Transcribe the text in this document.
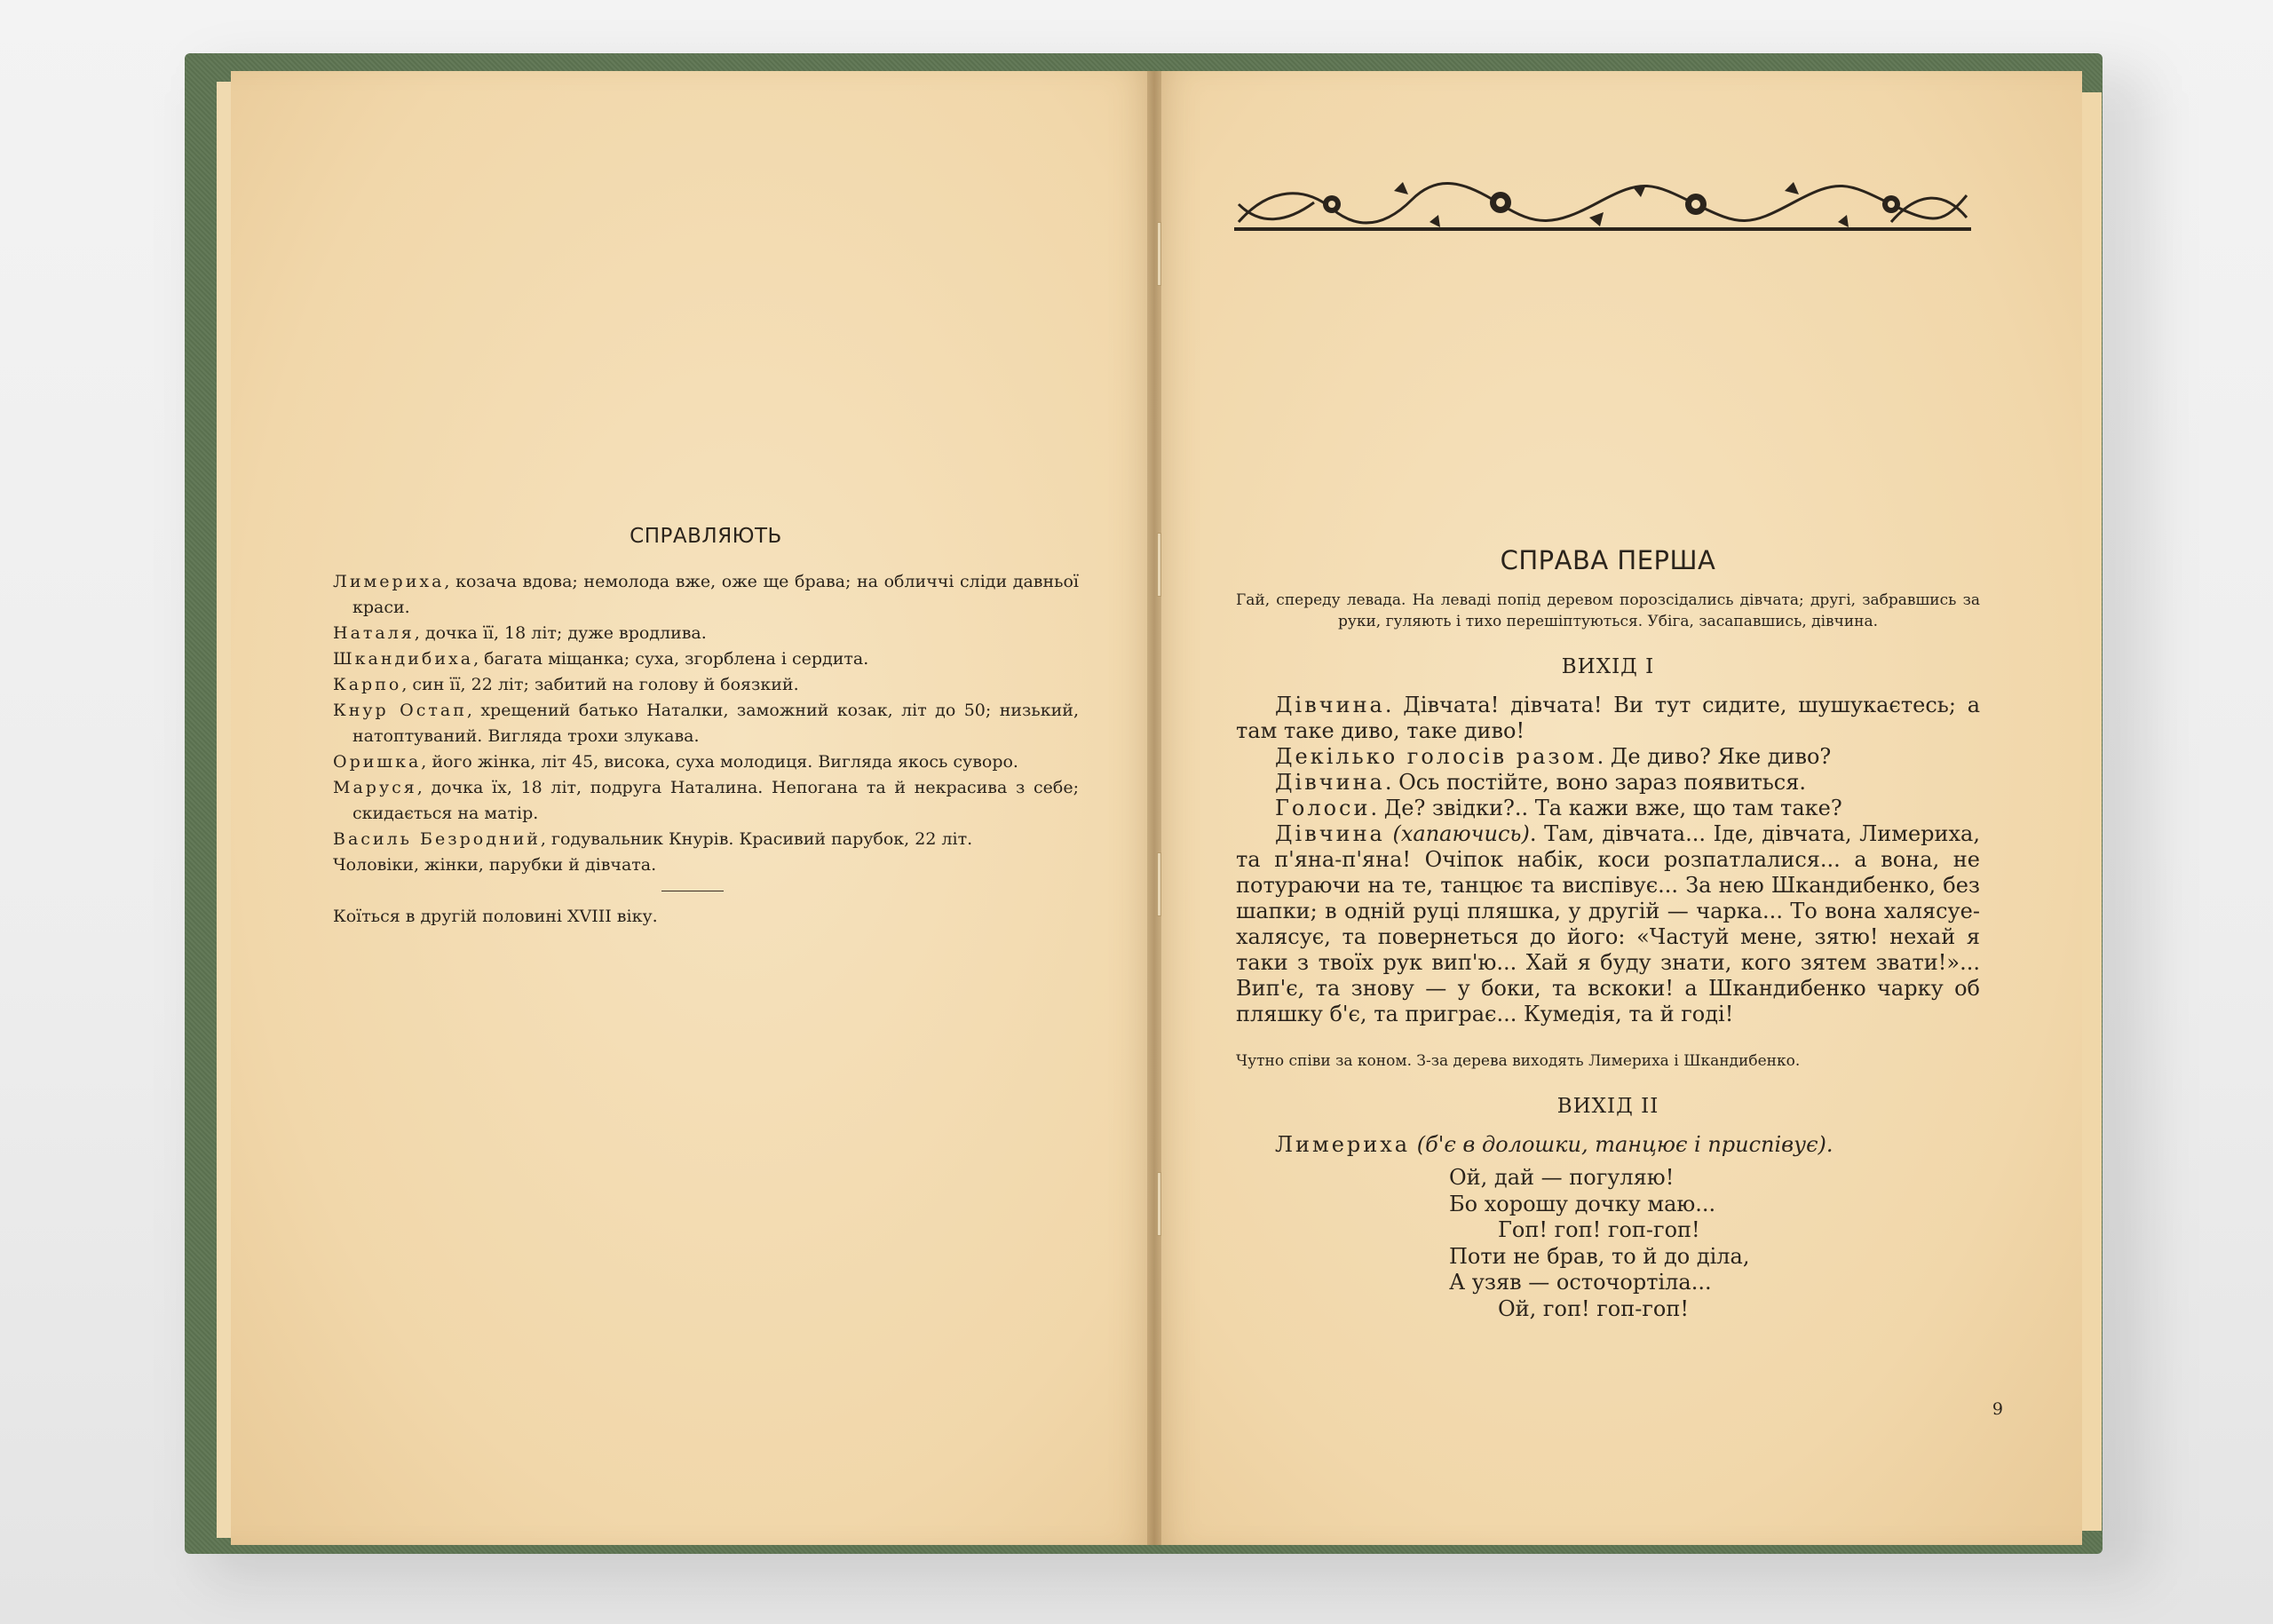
СПРАВЛЯЮТЬ
Лимериха, козача вдова; немолода вже, оже ще брава; на обличчі сліди давньої краси.
Наталя, дочка її, 18 літ; дуже вродлива.
Шкандибиха, багата міщанка; суха, згорблена і сердита.
Карпо, син її, 22 літ; забитий на голову й боязкий.
Кнур Остап, хрещений батько Наталки, заможний козак, літ до 50; низький, натоптуваний. Вигляда трохи злукава.
Оришка, його жінка, літ 45, висока, суха молодиця. Вигляда якось суворо.
Маруся, дочка їх, 18 літ, подруга Наталина. Непогана та й некрасива з себе; скидається на матір.
Василь Безродний, годувальник Кнурів. Красивий парубок, 22 літ.
Чоловіки, жінки, парубки й дівчата.
Коїться в другій половині XVIII віку.
СПРАВА ПЕРША
Гай, спереду левада. На леваді попід деревом порозсідались дівчата; другі, забравшись за руки, гуляють і тихо перешіптуються. Убіга, засапавшись, дівчина.
ВИХІД І

Дівчина. Дівчата! дівчата! Ви тут сидите, шушукаєтесь; а там таке диво, таке диво!

Декілько голосів разом. Де диво? Яке диво?

Дівчина. Ось постійте, воно зараз появиться.

Голоси. Де? звідки?.. Та кажи вже, що там таке?

Дівчина (хапаючись). Там, дівчата... Іде, дівчата, Лимериха, та п'яна-п'яна! Очіпок набік, коси розпатлалися... а вона, не потураючи на те, танцює та виспівує... За нею Шкандибенко, без шапки; в одній руці пляшка, у другій — чарка... То вона халясуе-халясує, та повернеться до його: «Частуй мене, зятю! нехай я таки з твоїх рук вип'ю... Хай я буду знати, кого зятем звати!»... Вип'є, та знову — у боки, та вскоки! а Шкандибенко чарку об пляшку б'є, та приграє... Кумедія, та й годі!

Чутно співи за коном. З-за дерева виходять Лимериха і Шкандибенко.
ВИХІД ІІ

Лимериха (б'є в долошки, танцює і приспівує).

Ой, дай — погуляю!
Бо хорошу дочку маю...
Гоп! гоп! гоп-гоп!
Поти не брав, то й до діла,
А узяв — осточортіла...
Ой, гоп! гоп-гоп!
9
